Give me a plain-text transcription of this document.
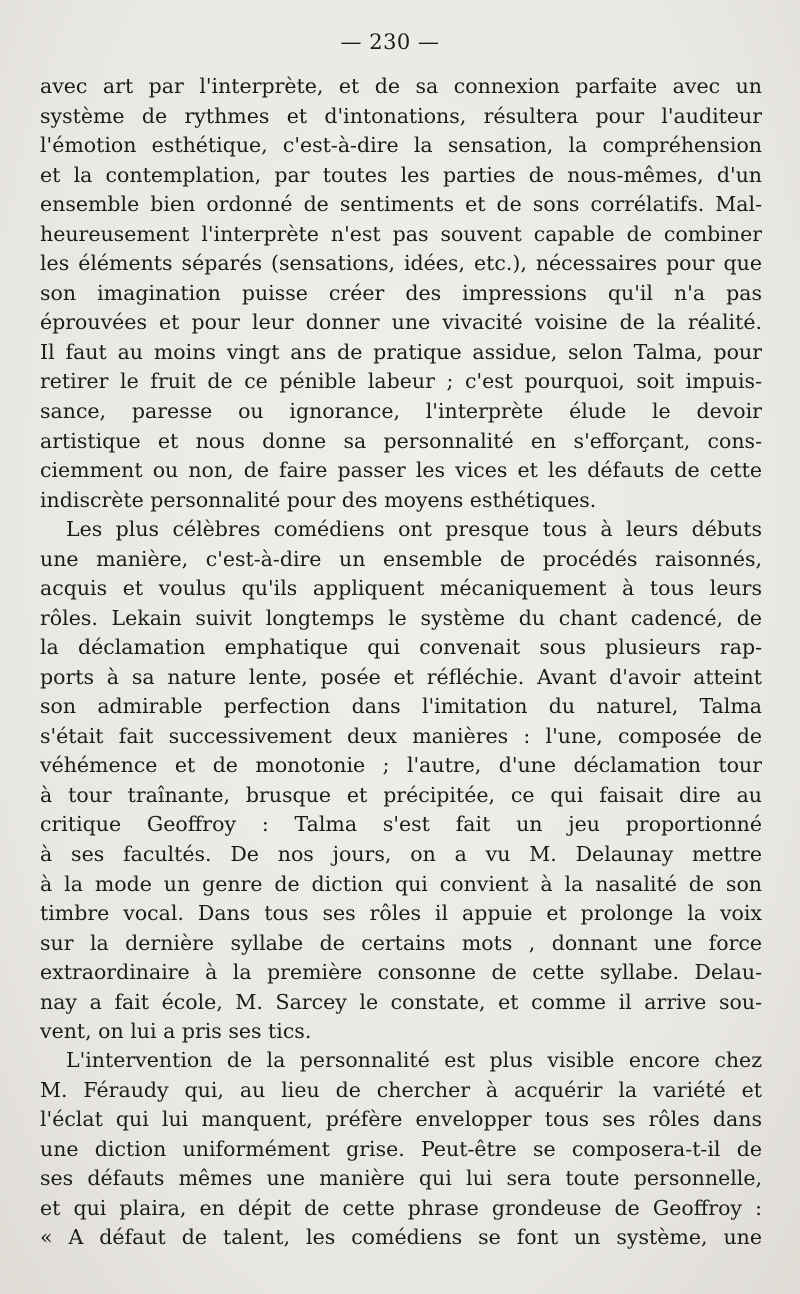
— 230 —
avec art par l'interprète, et de sa connexion parfaite avec un
système de rythmes et d'intonations, résultera pour l'auditeur
l'émotion esthétique, c'est-à-dire la sensation, la compréhension
et la contemplation, par toutes les parties de nous-mêmes, d'un
ensemble bien ordonné de sentiments et de sons corrélatifs. Mal-
heureusement l'interprète n'est pas souvent capable de combiner
les éléments séparés (sensations, idées, etc.), nécessaires pour que
son imagination puisse créer des impressions qu'il n'a pas
éprouvées et pour leur donner une vivacité voisine de la réalité.
Il faut au moins vingt ans de pratique assidue, selon Talma, pour
retirer le fruit de ce pénible labeur ; c'est pourquoi, soit impuis-
sance, paresse ou ignorance, l'interprète élude le devoir
artistique et nous donne sa personnalité en s'efforçant, cons-
ciemment ou non, de faire passer les vices et les défauts de cette
indiscrète personnalité pour des moyens esthétiques.
Les plus célèbres comédiens ont presque tous à leurs débuts
une manière, c'est-à-dire un ensemble de procédés raisonnés,
acquis et voulus qu'ils appliquent mécaniquement à tous leurs
rôles. Lekain suivit longtemps le système du chant cadencé, de
la déclamation emphatique qui convenait sous plusieurs rap-
ports à sa nature lente, posée et réfléchie. Avant d'avoir atteint
son admirable perfection dans l'imitation du naturel, Talma
s'était fait successivement deux manières : l'une, composée de
véhémence et de monotonie ; l'autre, d'une déclamation tour
à tour traînante, brusque et précipitée, ce qui faisait dire au
critique Geoffroy : Talma s'est fait un jeu proportionné
à ses facultés. De nos jours, on a vu M. Delaunay mettre
à la mode un genre de diction qui convient à la nasalité de son
timbre vocal. Dans tous ses rôles il appuie et prolonge la voix
sur la dernière syllabe de certains mots , donnant une force
extraordinaire à la première consonne de cette syllabe. Delau-
nay a fait école, M. Sarcey le constate, et comme il arrive sou-
vent, on lui a pris ses tics.
L'intervention de la personnalité est plus visible encore chez
M. Féraudy qui, au lieu de chercher à acquérir la variété et
l'éclat qui lui manquent, préfère envelopper tous ses rôles dans
une diction uniformément grise. Peut-être se composera-t-il de
ses défauts mêmes une manière qui lui sera toute personnelle,
et qui plaira, en dépit de cette phrase grondeuse de Geoffroy :
« A défaut de talent, les comédiens se font un système, une
